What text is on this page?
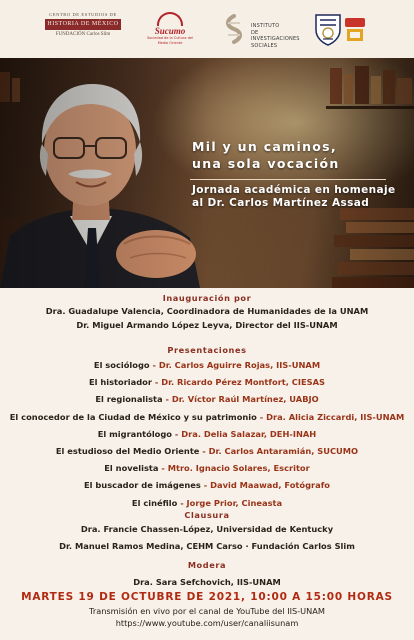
CENTRO DE ESTUDIOS DE
HISTORIA DE MÉXICO
FUNDACIÓN Carlos Slim	Sucumo
Sociedad de la Cultura del Medio Oriente
INSTITUTO
DE INVESTIGACIONES
SOCIALES
Mil y un caminos,
una sola vocación
Jornada académica en homenaje
al Dr. Carlos Martínez Assad
Inauguración por
Dra. Guadalupe Valencia, Coordinadora de Humanidades de la UNAM
Dr. Miguel Armando López Leyva, Director del IIS-UNAM
Presentaciones
El sociólogo - Dr. Carlos Aguirre Rojas, IIS-UNAM
El historiador - Dr. Ricardo Pérez Montfort, CIESAS
El regionalista - Dr. Víctor Raúl Martínez, UABJO
El conocedor de la Ciudad de México y su patrimonio - Dra. Alicia Ziccardi, IIS-UNAM
El migrantólogo - Dra. Delia Salazar, DEH-INAH
El estudioso del Medio Oriente - Dr. Carlos Antaramián, SUCUMO
El novelista - Mtro. Ignacio Solares, Escritor
El buscador de imágenes - David Maawad, Fotógrafo
El cinéfilo - Jorge Prior, Cineasta
Clausura
Dra. Francie Chassen-López, Universidad de Kentucky
Dr. Manuel Ramos Medina, CEHM Carso · Fundación Carlos Slim
Modera
Dra. Sara Sefchovich, IIS-UNAM
MARTES 19 DE OCTUBRE DE 2021, 10:00 A 15:00 HORAS
Transmisión en vivo por el canal de YouTube del IIS-UNAM
https://www.youtube.com/user/canaliisunam
